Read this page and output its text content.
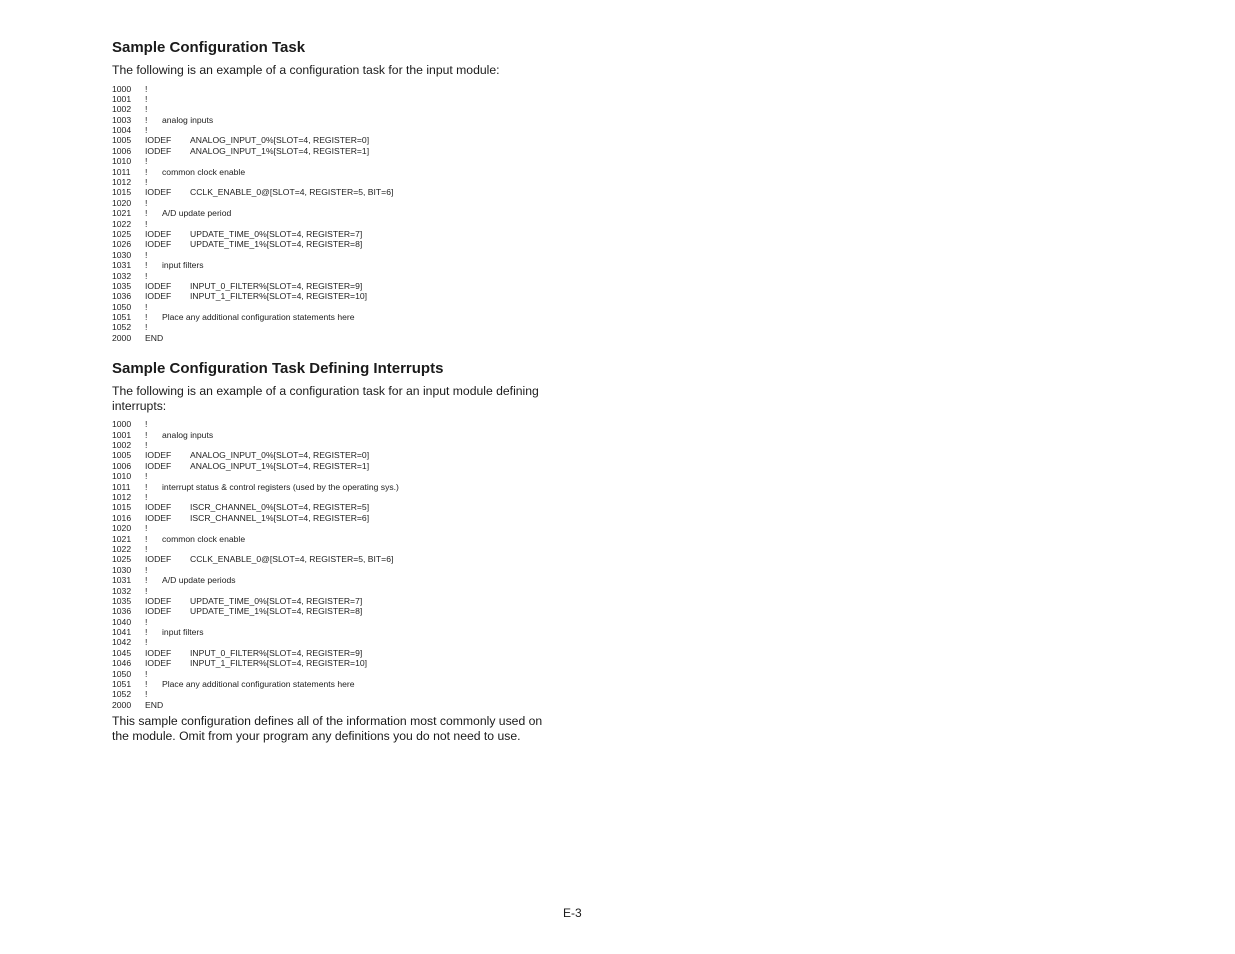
Sample Configuration Task

The following is an example of a configuration task for the input module:

1000	!
1001	!
1002	!
1003	!	analog inputs
1004	!
1005	IODEF	ANALOG_INPUT_0%[SLOT=4, REGISTER=0]
1006	IODEF	ANALOG_INPUT_1%[SLOT=4, REGISTER=1]
1010	!
1011	!	common clock enable
1012	!
1015	IODEF	CCLK_ENABLE_0@[SLOT=4, REGISTER=5, BIT=6]
1020	!
1021	!	A/D update period
1022	!
1025	IODEF	UPDATE_TIME_0%[SLOT=4, REGISTER=7]
1026	IODEF	UPDATE_TIME_1%[SLOT=4, REGISTER=8]
1030	!
1031	!	input filters
1032	!
1035	IODEF	INPUT_0_FILTER%[SLOT=4, REGISTER=9]
1036	IODEF	INPUT_1_FILTER%[SLOT=4, REGISTER=10]
1050	!
1051	!	Place any additional configuration statements here
1052	!
2000	END
Sample Configuration Task Defining Interrupts

The following is an example of a configuration task for an input module defining interrupts:

1000	!
1001	!	analog inputs
1002	!
1005	IODEF	ANALOG_INPUT_0%[SLOT=4, REGISTER=0]
1006	IODEF	ANALOG_INPUT_1%[SLOT=4, REGISTER=1]
1010	!
1011	!	interrupt status & control registers (used by the operating sys.)
1012	!
1015	IODEF	ISCR_CHANNEL_0%[SLOT=4, REGISTER=5]
1016	IODEF	ISCR_CHANNEL_1%[SLOT=4, REGISTER=6]
1020	!
1021	!	common clock enable
1022	!
1025	IODEF	CCLK_ENABLE_0@[SLOT=4, REGISTER=5, BIT=6]
1030	!
1031	!	A/D update periods
1032	!
1035	IODEF	UPDATE_TIME_0%[SLOT=4, REGISTER=7]
1036	IODEF	UPDATE_TIME_1%[SLOT=4, REGISTER=8]
1040	!
1041	!	input filters
1042	!
1045	IODEF	INPUT_0_FILTER%[SLOT=4, REGISTER=9]
1046	IODEF	INPUT_1_FILTER%[SLOT=4, REGISTER=10]
1050	!
1051	!	Place any additional configuration statements here
1052	!
2000	END

This sample configuration defines all of the information most commonly used on the module. Omit from your program any definitions you do not need to use.

E-3
